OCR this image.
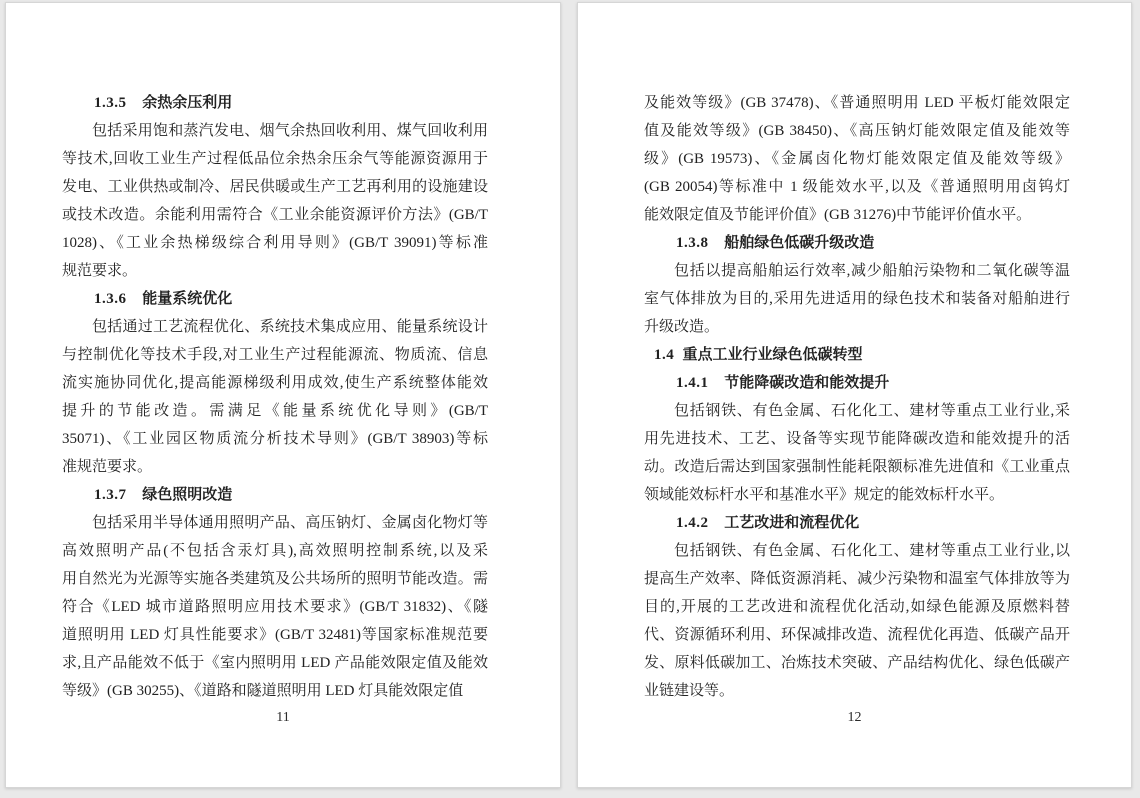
1.3.5 余热余压利用
包括采用饱和蒸汽发电、烟气余热回收利用、煤气回收利用
等技术,回收工业生产过程低品位余热余压余气等能源资源用于
发电、工业供热或制冷、居民供暖或生产工艺再利用的设施建设
或技术改造。余能利用需符合《工业余能资源评价方法》(GB/T
1028)、《工业余热梯级综合利用导则》(GB/T 39091)等标准
规范要求。
1.3.6 能量系统优化
包括通过工艺流程优化、系统技术集成应用、能量系统设计
与控制优化等技术手段,对工业生产过程能源流、物质流、信息
流实施协同优化,提高能源梯级利用成效,使生产系统整体能效
提升的节能改造。需满足《能量系统优化导则》(GB/T
35071)、《工业园区物质流分析技术导则》(GB/T 38903)等标
准规范要求。
1.3.7 绿色照明改造
包括采用半导体通用照明产品、高压钠灯、金属卤化物灯等
高效照明产品(不包括含汞灯具),高效照明控制系统,以及采
用自然光为光源等实施各类建筑及公共场所的照明节能改造。需
符合《LED 城市道路照明应用技术要求》(GB/T 31832)、《隧
道照明用 LED 灯具性能要求》(GB/T 32481)等国家标准规范要
求,且产品能效不低于《室内照明用 LED 产品能效限定值及能效
等级》(GB 30255)、《道路和隧道照明用 LED 灯具能效限定值
11
及能效等级》(GB 37478)、《普通照明用 LED 平板灯能效限定
值及能效等级》(GB 38450)、《高压钠灯能效限定值及能效等
级》(GB 19573)、《金属卤化物灯能效限定值及能效等级》
(GB 20054)等标准中 1 级能效水平,以及《普通照明用卤钨灯
能效限定值及节能评价值》(GB 31276)中节能评价值水平。
1.3.8 船舶绿色低碳升级改造
包括以提高船舶运行效率,减少船舶污染物和二氧化碳等温
室气体排放为目的,采用先进适用的绿色技术和装备对船舶进行
升级改造。
1.4 重点工业行业绿色低碳转型
1.4.1 节能降碳改造和能效提升
包括钢铁、有色金属、石化化工、建材等重点工业行业,采
用先进技术、工艺、设备等实现节能降碳改造和能效提升的活
动。改造后需达到国家强制性能耗限额标准先进值和《工业重点
领域能效标杆水平和基准水平》规定的能效标杆水平。
1.4.2 工艺改进和流程优化
包括钢铁、有色金属、石化化工、建材等重点工业行业,以
提高生产效率、降低资源消耗、减少污染物和温室气体排放等为
目的,开展的工艺改进和流程优化活动,如绿色能源及原燃料替
代、资源循环利用、环保减排改造、流程优化再造、低碳产品开
发、原料低碳加工、冶炼技术突破、产品结构优化、绿色低碳产
业链建设等。
12
